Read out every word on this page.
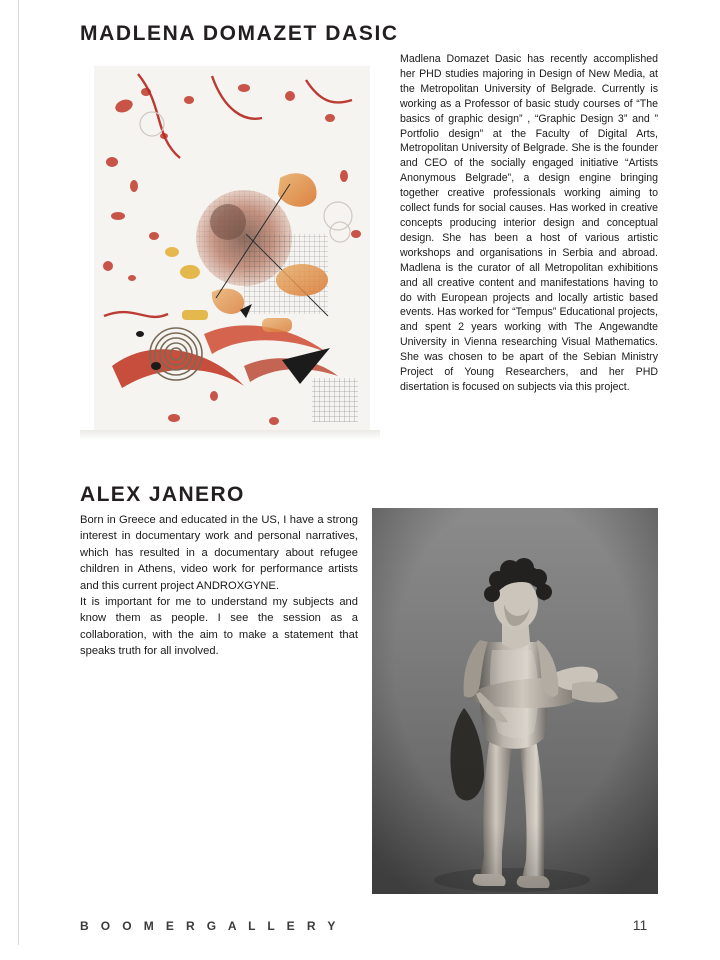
MADLENA DOMAZET DASIC
Madlena Domazet Dasic has recently accomplished her PHD studies majoring in Design of New Media, at the Metropolitan University of Belgrade. Currently is working as a Professor of basic study courses of “The basics of graphic design” , “Graphic Design 3” and ” Portfolio design” at the Faculty of Digital Arts, Metropolitan University of Belgrade. She is the founder and CEO of the socially engaged initiative “Artists Anonymous Belgrade”, a design engine bringing together creative professionals working aiming to collect funds for social causes. Has worked in creative concepts producing interior design and conceptual design. She has been a host of various artistic workshops and organisations in Serbia and abroad. Madlena is the curator of all Metropolitan exhibitions and all creative content and manifestations having to do with European projects and locally artistic based events. Has worked for “Tempus” Educational projects, and spent 2 years working with The Angewandte University in Vienna researching Visual Mathematics. She was chosen to be apart of the Sebian Ministry Project of Young Researchers, and her PHD disertation is focused on subjects via this project.
ALEX JANERO

Born in Greece and educated in the US, I have a strong interest in documentary work and personal narratives, which has resulted in a documentary about refugee children in Athens, video work for performance artists and this current project ANDROXGYNE.

It is important for me to understand my subjects and know them as people. I see the session as a collaboration, with the aim to make a statement that speaks truth for all involved.

B O O M E R G A L L E R Y	11
